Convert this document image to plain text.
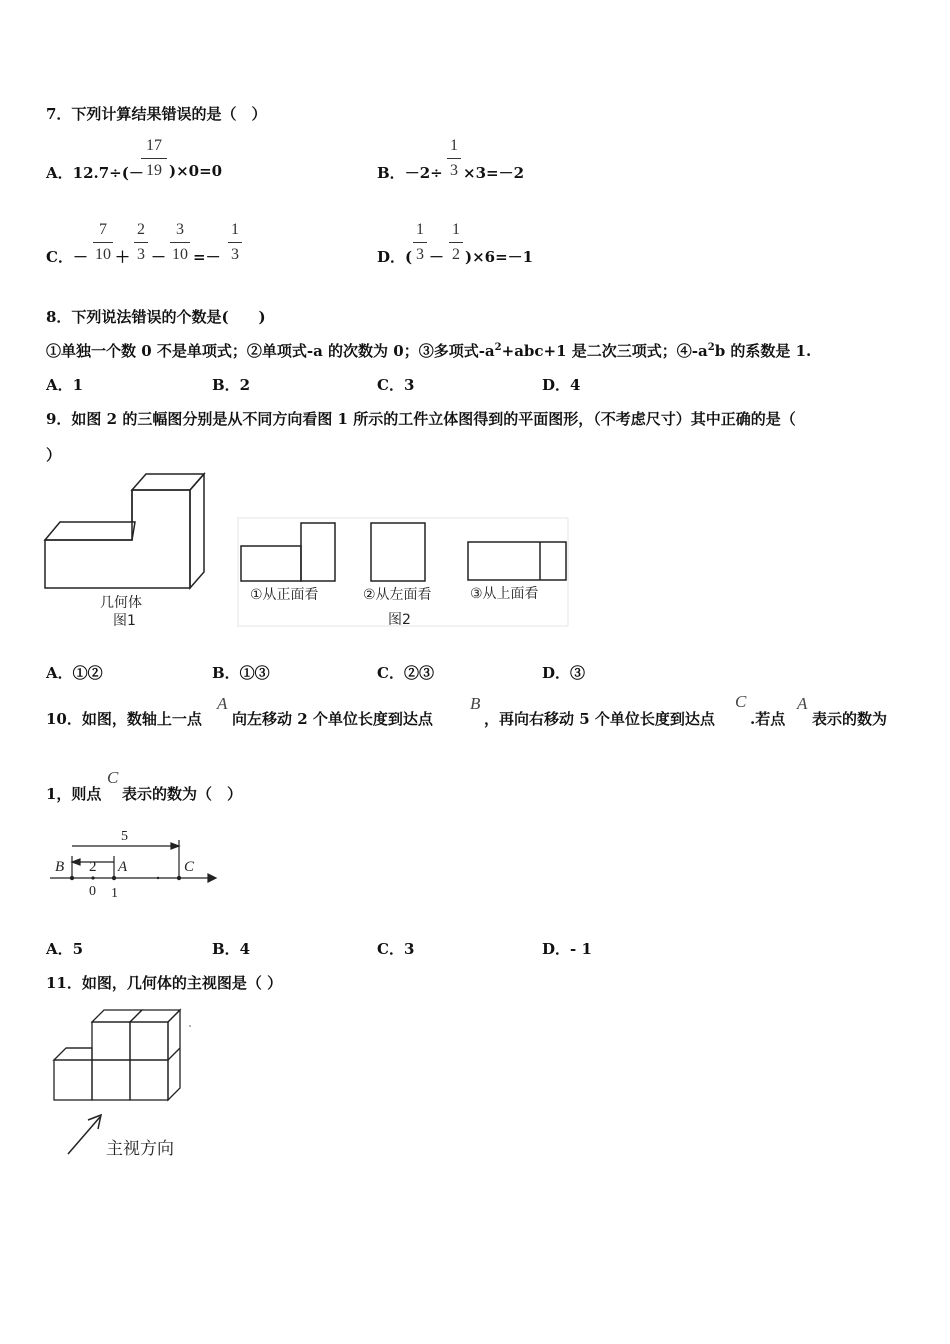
7．下列计算结果错误的是（　）
A．12.7÷(－
17
19 )×0=0	B．－2÷
1
3 ×3=－2
C．－
7
10 ＋
2
3 －
3
10 =－
1
3	D．(
1
3 －
1
2 )×6=－1
8．下列说法错误的个数是(　　)
①单独一个数 0 不是单项式；②单项式-a 的次数为 0；③多项式$-a^2+abc+1$ 是二次三项式；$④-a^2b$ 的系数是 1.
A．1	B．2	C．3	D．4
9．如图 2 的三幅图分别是从不同方向看图 1 所示的工件立体图得到的平面图形，（不考虑尺寸）其中正确的是（
）
几何体
图1
①从正面看	②从左面看	③从上面看
图2
A．①②	B．①③	C．②③	D．③
10．如图，数轴上一点
A
向左移动 2 个单位长度到达点
B
，再向右移动 5 个单位长度到达点
C
.若点
A
表示的数为
1，则点
C
表示的数为（　）
5
2
B	A	C
0 1
A．5	B．4	C．3	D．- 1
11．如图，几何体的主视图是（ ）
主视方向
